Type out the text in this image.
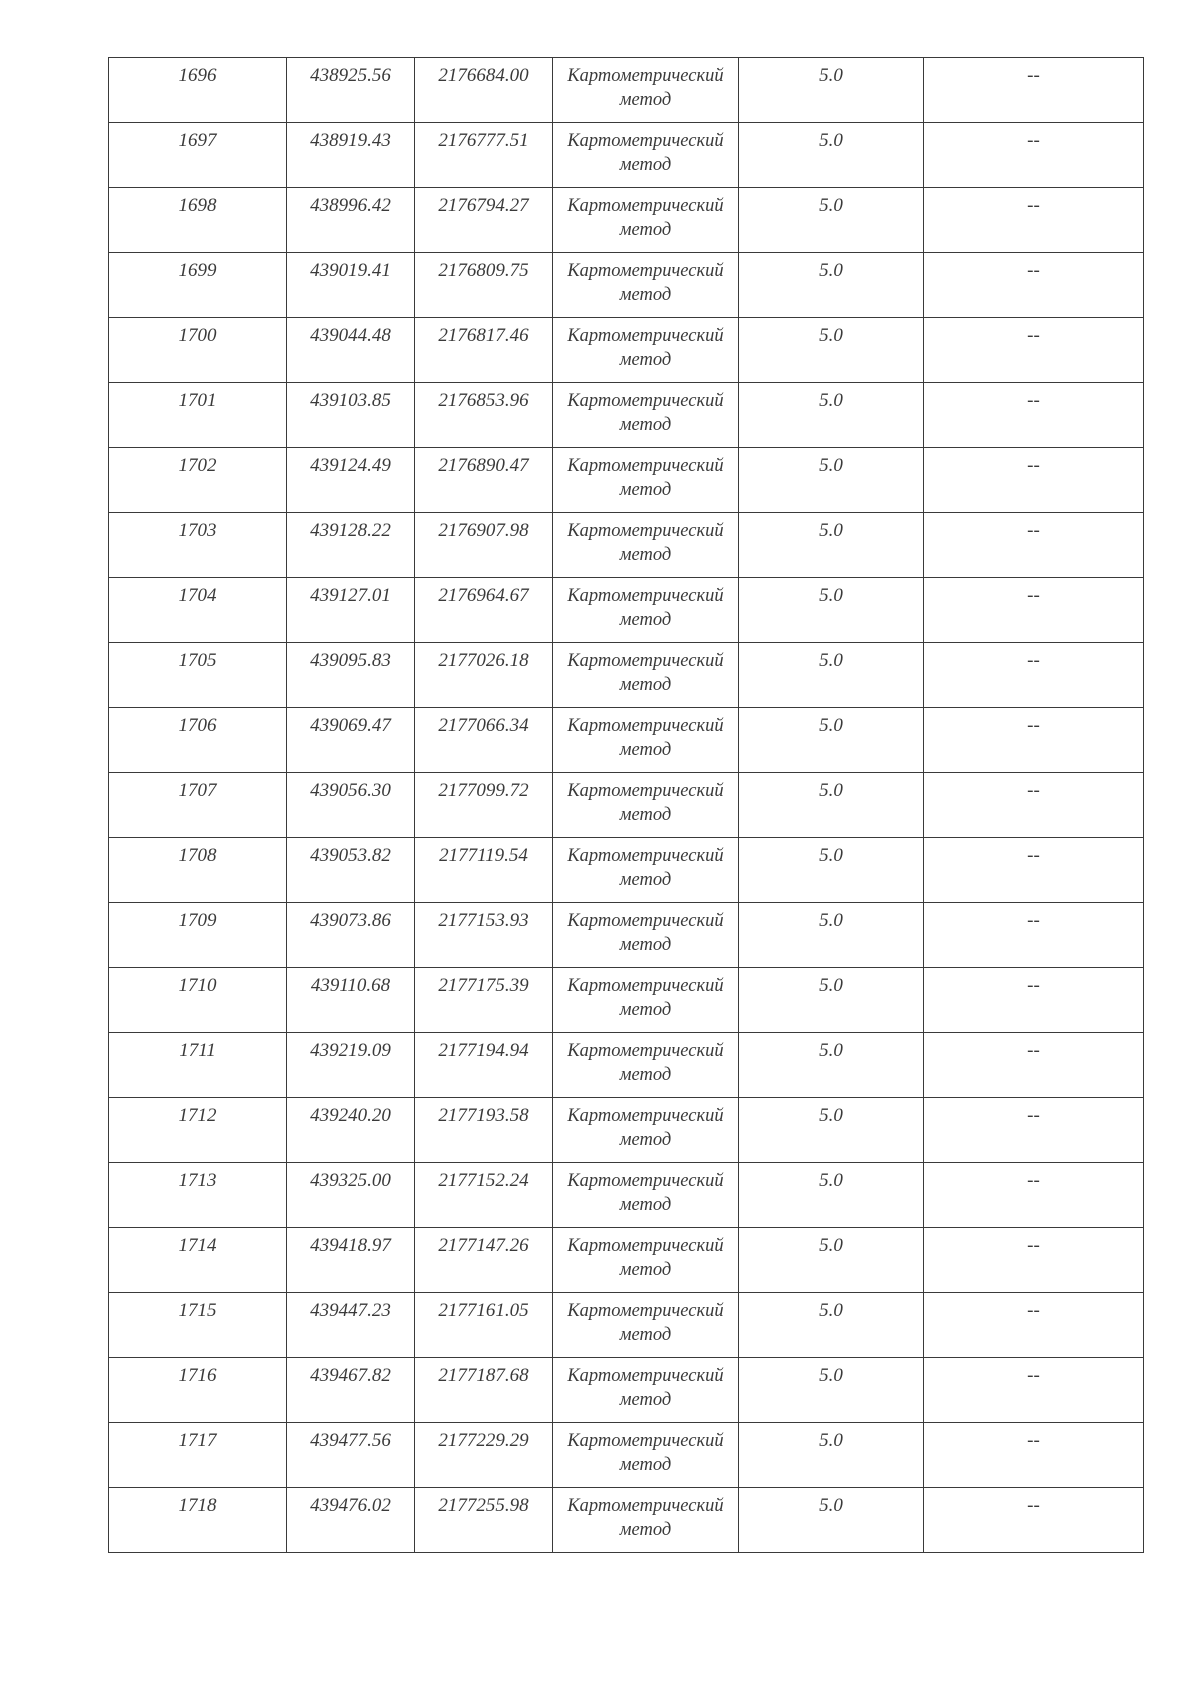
1696	438925.56	2176684.00	Картометрический метод	5.0	--
1697	438919.43	2176777.51	Картометрический метод	5.0	--
1698	438996.42	2176794.27	Картометрический метод	5.0	--
1699	439019.41	2176809.75	Картометрический метод	5.0	--
1700	439044.48	2176817.46	Картометрический метод	5.0	--
1701	439103.85	2176853.96	Картометрический метод	5.0	--
1702	439124.49	2176890.47	Картометрический метод	5.0	--
1703	439128.22	2176907.98	Картометрический метод	5.0	--
1704	439127.01	2176964.67	Картометрический метод	5.0	--
1705	439095.83	2177026.18	Картометрический метод	5.0	--
1706	439069.47	2177066.34	Картометрический метод	5.0	--
1707	439056.30	2177099.72	Картометрический метод	5.0	--
1708	439053.82	2177119.54	Картометрический метод	5.0	--
1709	439073.86	2177153.93	Картометрический метод	5.0	--
1710	439110.68	2177175.39	Картометрический метод	5.0	--
1711	439219.09	2177194.94	Картометрический метод	5.0	--
1712	439240.20	2177193.58	Картометрический метод	5.0	--
1713	439325.00	2177152.24	Картометрический метод	5.0	--
1714	439418.97	2177147.26	Картометрический метод	5.0	--
1715	439447.23	2177161.05	Картометрический метод	5.0	--
1716	439467.82	2177187.68	Картометрический метод	5.0	--
1717	439477.56	2177229.29	Картометрический метод	5.0	--
1718	439476.02	2177255.98	Картометрический метод	5.0	--
